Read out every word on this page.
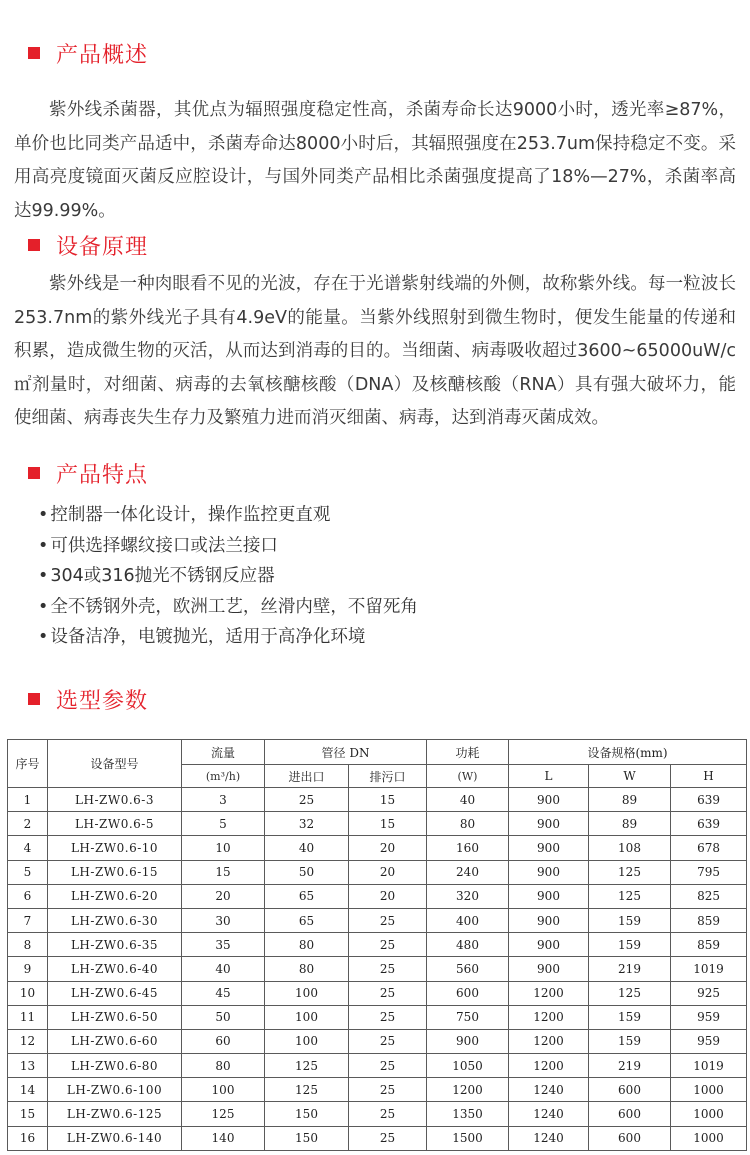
产品概述

紫外线杀菌器，其优点为辐照强度稳定性高，杀菌寿命长达9000小时，透光率≥87%，单价也比同类产品适中，杀菌寿命达8000小时后，其辐照强度在253.7um保持稳定不变。采用高亮度镜面灭菌反应腔设计，与国外同类产品相比杀菌强度提高了18%—27%，杀菌率高达99.99%。

设备原理

紫外线是一种肉眼看不见的光波，存在于光谱紫射线端的外侧，故称紫外线。每一粒波长253.7nm的紫外线光子具有4.9eV的能量。当紫外线照射到微生物时，便发生能量的传递和积累，造成微生物的灭活，从而达到消毒的目的。当细菌、病毒吸收超过3600~65000uW/c㎡剂量时，对细菌、病毒的去氧核醣核酸（DNA）及核醣核酸（RNA）具有强大破坏力，能使细菌、病毒丧失生存力及繁殖力进而消灭细菌、病毒，达到消毒灭菌成效。

产品特点
• 控制器一体化设计，操作监控更直观
• 可供选择螺纹接口或法兰接口
• 304或316抛光不锈钢反应器
• 全不锈钢外壳，欧洲工艺，丝滑内壁，不留死角
• 设备洁净，电镀抛光，适用于高净化环境
选型参数
序号	设备型号	流量	管径 DN		功耗	设备规格(mm)		
		(m³/h)	进出口	排污口	(W)	L	W	H
1	LH-ZW0.6-3	3	25	15	40	900	89	639
2	LH-ZW0.6-5	5	32	15	80	900	89	639
4	LH-ZW0.6-10	10	40	20	160	900	108	678
5	LH-ZW0.6-15	15	50	20	240	900	125	795
6	LH-ZW0.6-20	20	65	20	320	900	125	825
7	LH-ZW0.6-30	30	65	25	400	900	159	859
8	LH-ZW0.6-35	35	80	25	480	900	159	859
9	LH-ZW0.6-40	40	80	25	560	900	219	1019
10	LH-ZW0.6-45	45	100	25	600	1200	125	925
11	LH-ZW0.6-50	50	100	25	750	1200	159	959
12	LH-ZW0.6-60	60	100	25	900	1200	159	959
13	LH-ZW0.6-80	80	125	25	1050	1200	219	1019
14	LH-ZW0.6-100	100	125	25	1200	1240	600	1000
15	LH-ZW0.6-125	125	150	25	1350	1240	600	1000
16	LH-ZW0.6-140	140	150	25	1500	1240	600	1000
